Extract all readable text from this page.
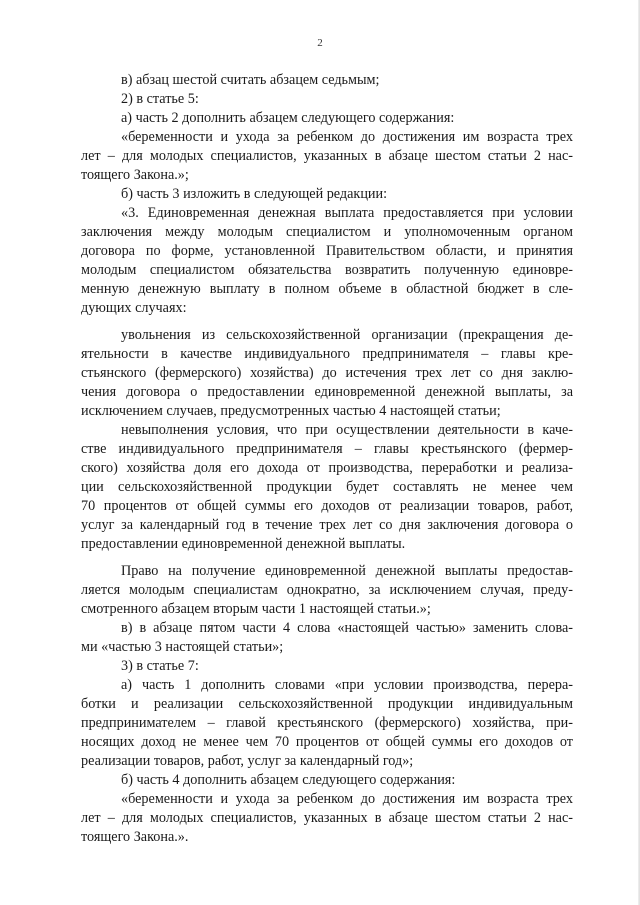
2
в) абзац шестой считать абзацем седьмым;
2) в статье 5:
а) часть 2 дополнить абзацем следующего содержания:
«беременности и ухода за ребенком до достижения им возраста трех
лет – для молодых специалистов, указанных в абзаце шестом статьи 2 нас-
тоящего Закона.»;
б) часть 3 изложить в следующей редакции:
«3. Единовременная денежная выплата предоставляется при условии
заключения между молодым специалистом и уполномоченным органом
договора по форме, установленной Правительством области, и принятия
молодым специалистом обязательства возвратить полученную единовре-
менную денежную выплату в полном объеме в областной бюджет в сле-
дующих случаях:
увольнения из сельскохозяйственной организации (прекращения де-
ятельности в качестве индивидуального предпринимателя – главы кре-
стьянского (фермерского) хозяйства) до истечения трех лет со дня заклю-
чения договора о предоставлении единовременной денежной выплаты, за
исключением случаев, предусмотренных частью 4 настоящей статьи;
невыполнения условия, что при осуществлении деятельности в каче-
стве индивидуального предпринимателя – главы крестьянского (фермер-
ского) хозяйства доля его дохода от производства, переработки и реализа-
ции сельскохозяйственной продукции будет составлять не менее чем
70 процентов от общей суммы его доходов от реализации товаров, работ,
услуг за календарный год в течение трех лет со дня заключения договора о
предоставлении единовременной денежной выплаты.
Право на получение единовременной денежной выплаты предостав-
ляется молодым специалистам однократно, за исключением случая, преду-
смотренного абзацем вторым части 1 настоящей статьи.»;
в) в абзаце пятом части 4 слова «настоящей частью» заменить слова-
ми «частью 3 настоящей статьи»;
3) в статье 7:
а) часть 1 дополнить словами «при условии производства, перера-
ботки и реализации сельскохозяйственной продукции индивидуальным
предпринимателем – главой крестьянского (фермерского) хозяйства, при-
носящих доход не менее чем 70 процентов от общей суммы его доходов от
реализации товаров, работ, услуг за календарный год»;
б) часть 4 дополнить абзацем следующего содержания:
«беременности и ухода за ребенком до достижения им возраста трех
лет – для молодых специалистов, указанных в абзаце шестом статьи 2 нас-
тоящего Закона.».
